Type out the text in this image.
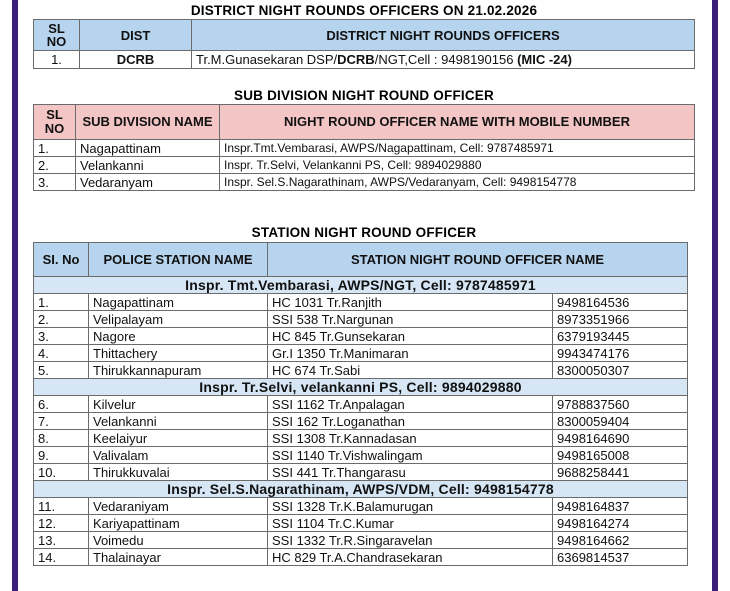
DISTRICT NIGHT ROUNDS OFFICERS ON 21.02.2026
SL NO	DIST	DISTRICT NIGHT ROUNDS OFFICERS
1.	DCRB	Tr.M.Gunasekaran DSP/DCRB/NGT,Cell : 9498190156 (MIC -24)
SUB DIVISION NIGHT ROUND OFFICER
SL NO	SUB DIVISION NAME	NIGHT ROUND OFFICER NAME WITH MOBILE NUMBER
1.	Nagapattinam	Inspr.Tmt.Vembarasi, AWPS/Nagapattinam, Cell: 9787485971
2.	Velankanni	Inspr. Tr.Selvi, Velankanni PS, Cell: 9894029880
3.	Vedaranyam	Inspr. Sel.S.Nagarathinam, AWPS/Vedaranyam, Cell: 9498154778
STATION NIGHT ROUND OFFICER
SI. No	POLICE STATION NAME	STATION NIGHT ROUND OFFICER NAME	
Inspr. Tmt.Vembarasi, AWPS/NGT, Cell: 9787485971			
1.	Nagapattinam	HC 1031 Tr.Ranjith	9498164536
2.	Velipalayam	SSI 538 Tr.Nargunan	8973351966
3.	Nagore	HC 845 Tr.Gunsekaran	6379193445
4.	Thittachery	Gr.I 1350 Tr.Manimaran	9943474176
5.	Thirukkannapuram	HC 674 Tr.Sabi	8300050307
Inspr. Tr.Selvi, velankanni PS, Cell: 9894029880			
6.	Kilvelur	SSI 1162 Tr.Anpalagan	9788837560
7.	Velankanni	SSI 162 Tr.Loganathan	8300059404
8.	Keelaiyur	SSI 1308 Tr.Kannadasan	9498164690
9.	Valivalam	SSI 1140 Tr.Vishwalingam	9498165008
10.	Thirukkuvalai	SSI 441 Tr.Thangarasu	9688258441
Inspr. Sel.S.Nagarathinam, AWPS/VDM, Cell: 9498154778			
11.	Vedaraniyam	SSI 1328 Tr.K.Balamurugan	9498164837
12.	Kariyapattinam	SSI 1104 Tr.C.Kumar	9498164274
13.	Voimedu	SSI 1332 Tr.R.Singaravelan	9498164662
14.	Thalainayar	HC 829 Tr.A.Chandrasekaran	6369814537
